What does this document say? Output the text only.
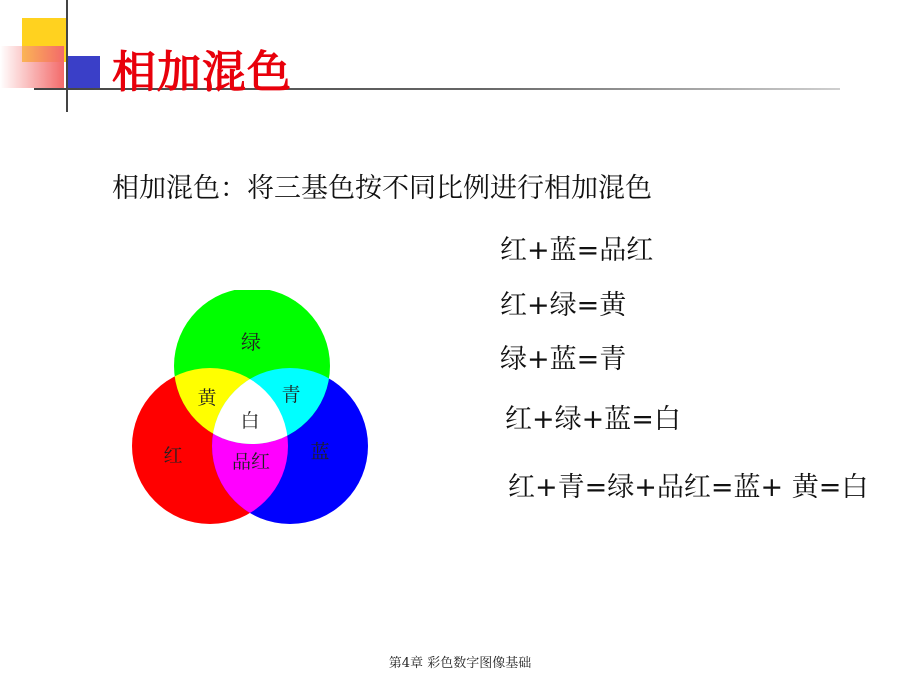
相加混色
相加混色：将三基色按不同比例进行相加混色
绿
黄	青
白
红	品红 蓝
红+蓝=品红
红+绿=黄
绿+蓝=青
红+绿+蓝=白
红+青=绿+品红=蓝+ 黄=白
第4章 彩色数字图像基础
